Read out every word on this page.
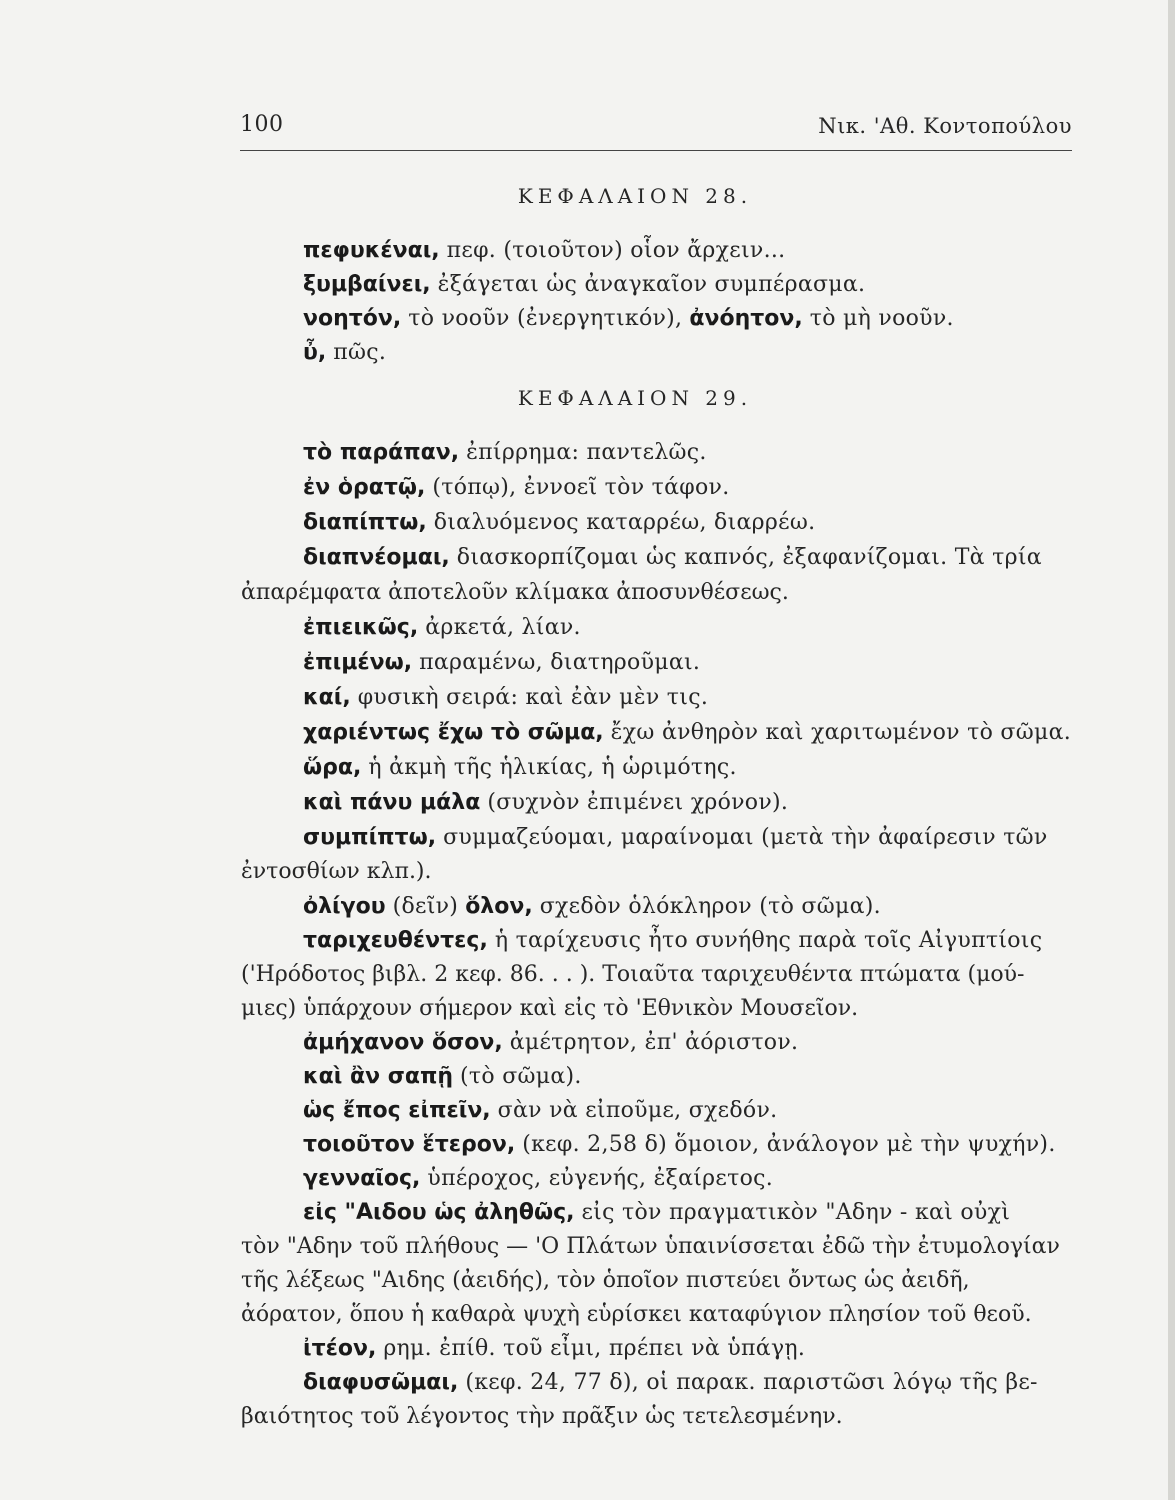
100	Νικ. 'Αθ. Κοντοπούλου
ΚΕΦΑΛΑΙΟΝ 28.
πεφυκέναι, πεφ. (τοιοῦτον) οἷον ἄρχειν...
ξυμβαίνει, ἐξάγεται ὡς ἀναγκαῖον συμπέρασμα.
νοητόν, τὸ νοοῦν (ἐνεργητικόν), ἀνόητον, τὸ μὴ νοοῦν.
ὖ, πῶς.
ΚΕΦΑΛΑΙΟΝ 29.
τὸ παράπαν, ἐπίρρημα: παντελῶς.
ἐν ὁρατῷ, (τόπῳ), ἐννοεῖ τὸν τάφον.
διαπίπτω, διαλυόμενος καταρρέω, διαρρέω.
διαπνέομαι, διασκορπίζομαι ὡς καπνός, ἐξαφανίζομαι. Τὰ τρία
ἀπαρέμφατα ἀποτελοῦν κλίμακα ἀποσυνθέσεως.
ἐπιεικῶς, ἀρκετά, λίαν.
ἐπιμένω, παραμένω, διατηροῦμαι.
καί, φυσικὴ σειρά: καὶ ἐὰν μὲν τις.
χαριέντως ἔχω τὸ σῶμα, ἔχω ἀνθηρὸν καὶ χαριτωμένον τὸ σῶμα.
ὥρα, ἡ ἀκμὴ τῆς ἡλικίας, ἡ ὡριμότης.
καὶ πάνυ μάλα (συχνὸν ἐπιμένει χρόνον).
συμπίπτω, συμμαζεύομαι, μαραίνομαι (μετὰ τὴν ἀφαίρεσιν τῶν
ἐντοσθίων κλπ.).
ὀλίγου (δεῖν) ὅλον, σχεδὸν ὁλόκληρον (τὸ σῶμα).
ταριχευθέντες, ἡ ταρίχευσις ἦτο συνήθης παρὰ τοῖς Αἰγυπτίοις
('Ηρόδοτος βιβλ. 2 κεφ. 86. . . ). Τοιαῦτα ταριχευθέντα πτώματα (μού-
μιες) ὑπάρχουν σήμερον καὶ εἰς τὸ 'Εθνικὸν Μουσεῖον.
ἀμήχανον ὅσον, ἀμέτρητον, ἐπ' ἀόριστον.
καὶ ἂν σαπῇ (τὸ σῶμα).
ὡς ἔπος εἰπεῖν, σὰν νὰ εἰποῦμε, σχεδόν.
τοιοῦτον ἕτερον, (κεφ. 2,58 δ) ὅμοιον, ἀνάλογον μὲ τὴν ψυχήν).
γενναῖος, ὑπέροχος, εὐγενής, ἐξαίρετος.
εἰς "Αιδου ὡς ἀληθῶς, εἰς τὸν πραγματικὸν "Αδην - καὶ οὐχὶ
τὸν "Αδην τοῦ πλήθους — 'Ο Πλάτων ὑπαινίσσεται ἐδῶ τὴν ἐτυμολογίαν
τῆς λέξεως "Αιδης (ἀειδής), τὸν ὁποῖον πιστεύει ὄντως ὡς ἀειδῆ,
ἀόρατον, ὅπου ἡ καθαρὰ ψυχὴ εὑρίσκει καταφύγιον πλησίον τοῦ θεοῦ.
ἰτέον, ρημ. ἐπίθ. τοῦ εἶμι, πρέπει νὰ ὑπάγῃ.
διαφυσῶμαι, (κεφ. 24, 77 δ), οἱ παρακ. παριστῶσι λόγῳ τῆς βε-
βαιότητος τοῦ λέγοντος τὴν πρᾶξιν ὡς τετελεσμένην.
